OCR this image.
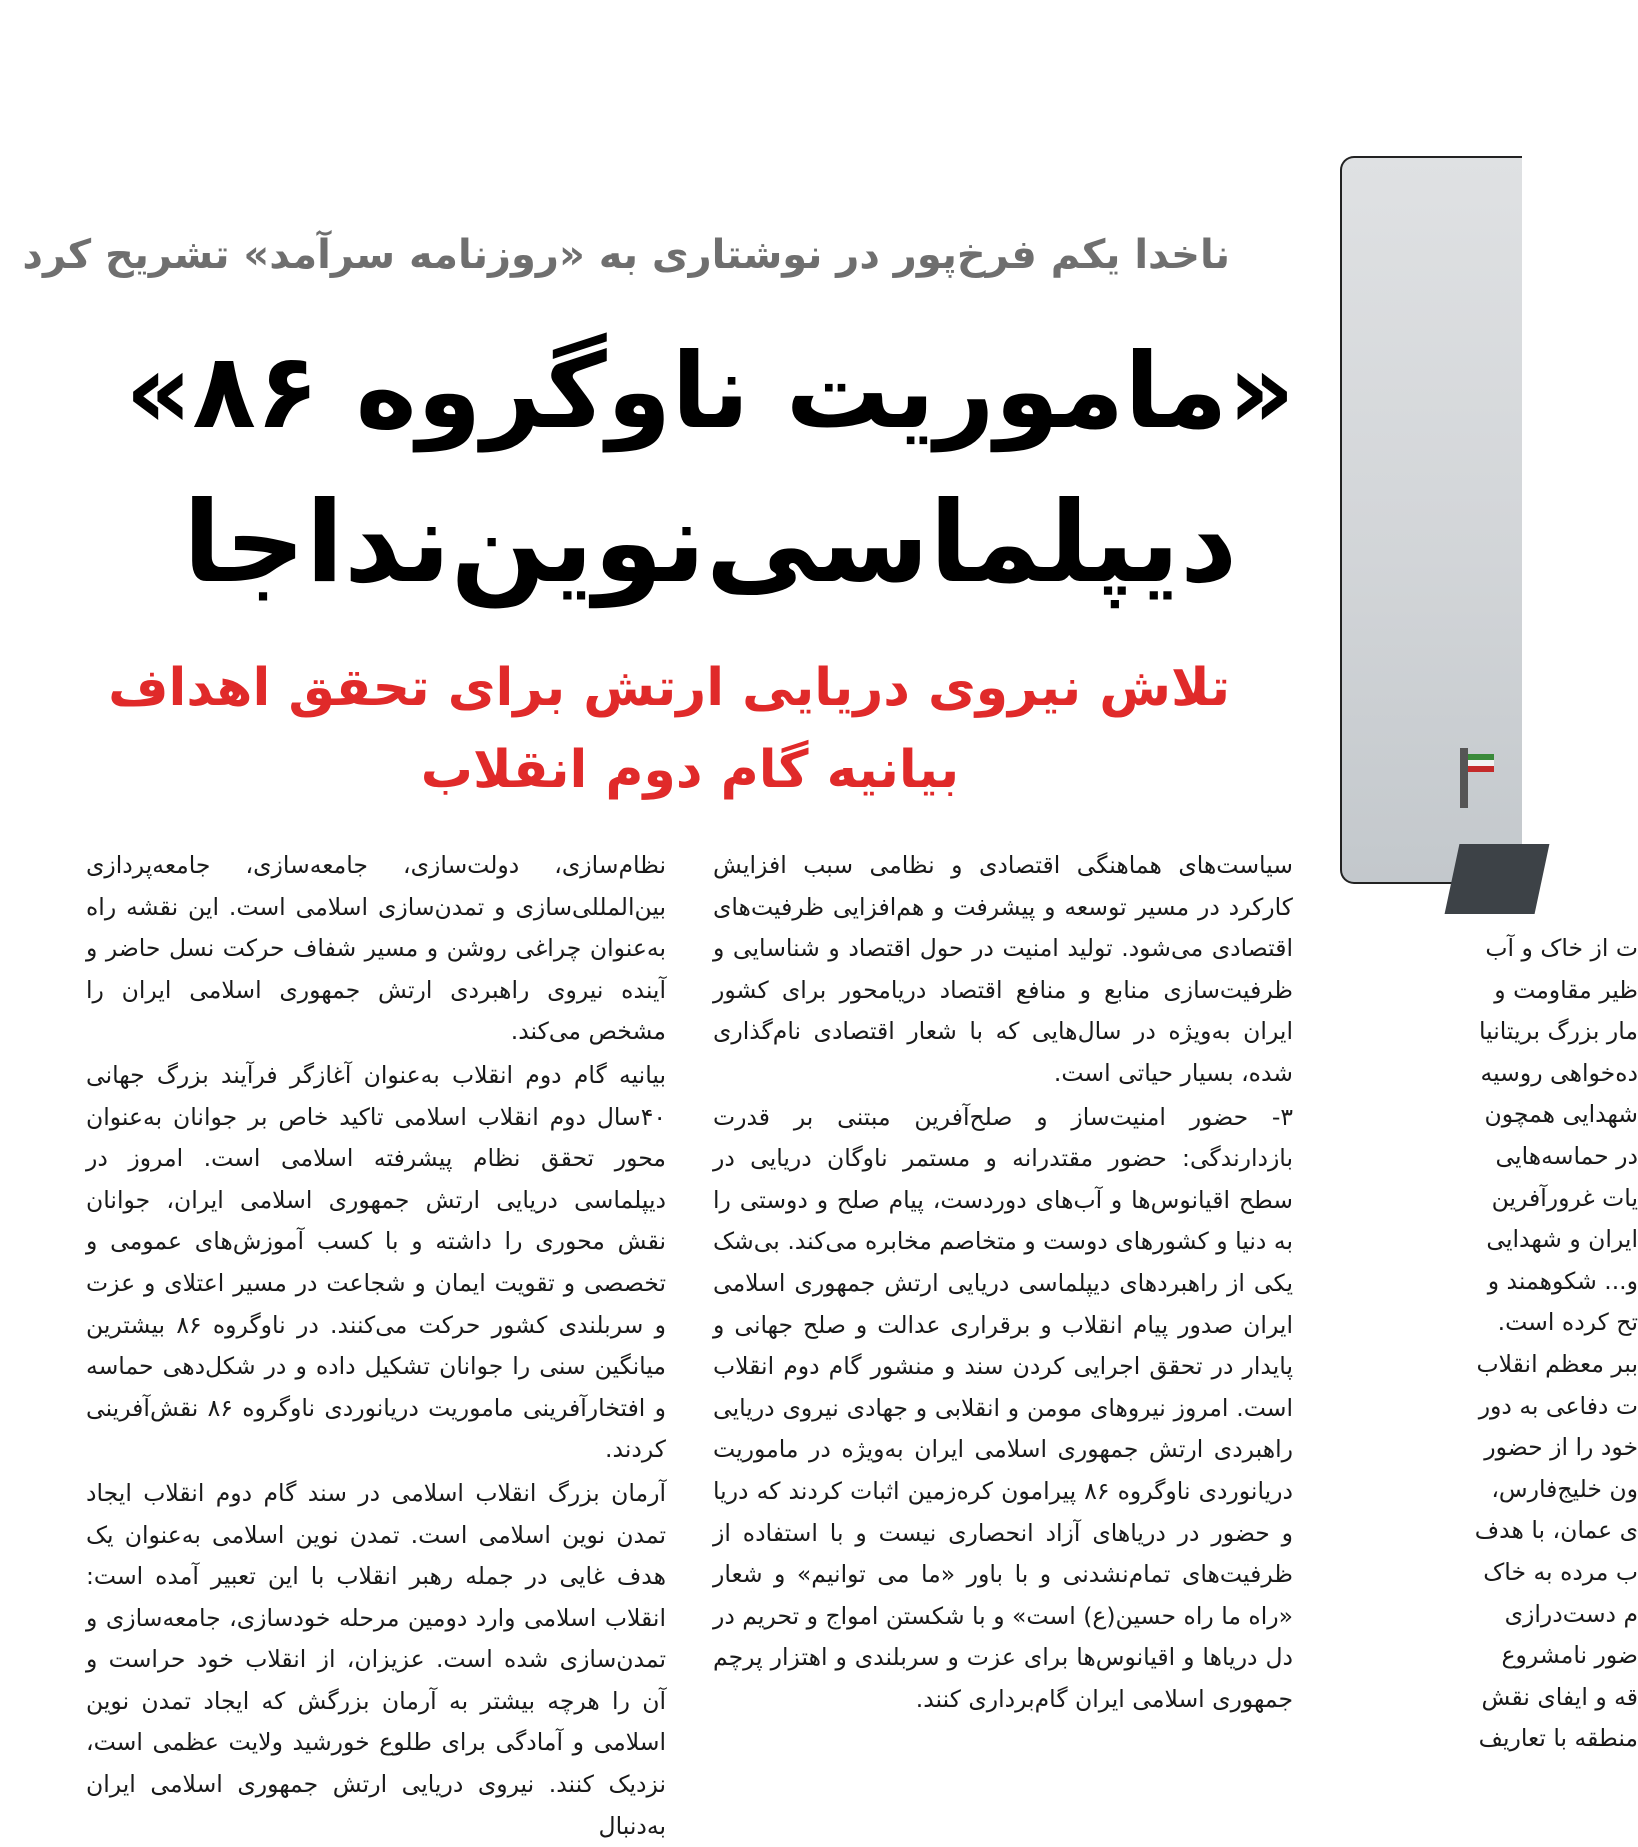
ناخدا یکم فرخ‌پور در نوشتاری به «روزنامه سرآمد» تشریح کرد
«ماموریت ناوگروه ۸۶»
دیپلماسی‌نوین‌نداجا
تلاش نیروی دریایی ارتش برای تحقق اهداف
بیانیه گام دوم انقلاب

سیاست‌های هماهنگی اقتصادی و نظامی سبب افزایش کارکرد در مسیر توسعه و پیشرفت و هم‌افزایی ظرفیت‌های اقتصادی می‌شود. تولید امنیت در حول اقتصاد و شناسایی و ظرفیت‌سازی منابع و منافع اقتصاد دریامحور برای کشور ایران به‌ویژه در سال‌هایی که با شعار اقتصادی نام‌گذاری شده، بسیار حیاتی است.

۳- حضور امنیت‌ساز و صلح‌آفرین مبتنی بر قدرت بازدارندگی: حضور مقتدرانه و مستمر ناوگان دریایی در سطح اقیانوس‌ها و آب‌های دوردست، پیام صلح و دوستی را به دنیا و کشورهای دوست و متخاصم مخابره می‌کند. بی‌شک یکی از راهبردهای دیپلماسی دریایی ارتش جمهوری اسلامی ایران صدور پیام انقلاب و برقراری عدالت و صلح جهانی و پایدار در تحقق اجرایی کردن سند و منشور گام دوم انقلاب است. امروز نیروهای مومن و انقلابی و جهادی نیروی دریایی راهبردی ارتش جمهوری اسلامی ایران به‌ویژه در ماموریت دریانوردی ناوگروه ۸۶ پیرامون کره‌زمین اثبات کردند که دریا و حضور در دریاهای آزاد انحصاری نیست و با استفاده از ظرفیت‌های تمام‌نشدنی و با باور «ما می توانیم» و شعار «راه ما راه حسین(ع) است» و با شکستن امواج و تحریم در دل دریاها و اقیانوس‌ها برای عزت و سربلندی و اهتزار پرچم جمهوری اسلامی ایران گام‌برداری کنند.

نظام‌سازی، دولت‌سازی، جامعه‌سازی، جامعه‌پردازی بین‌المللی‌سازی و تمدن‌سازی اسلامی است. این نقشه راه به‌عنوان چراغی روشن و مسیر شفاف حرکت نسل حاضر و آینده نیروی راهبردی ارتش جمهوری اسلامی ایران را مشخص می‌کند.

بیانیه گام دوم انقلاب به‌عنوان آغازگر فرآیند بزرگ جهانی ۴۰سال دوم انقلاب اسلامی تاکید خاص بر جوانان به‌عنوان محور تحقق نظام پیشرفته اسلامی است. امروز در دیپلماسی دریایی ارتش جمهوری اسلامی ایران، جوانان نقش محوری را داشته و با کسب آموزش‌های عمومی و تخصصی و تقویت ایمان و شجاعت در مسیر اعتلای و عزت و سربلندی کشور حرکت می‌کنند. در ناوگروه ۸۶ بیشترین میانگین سنی را جوانان تشکیل داده و در شکل‌دهی حماسه و افتخارآفرینی ماموریت دریانوردی ناوگروه ۸۶ نقش‌آفرینی کردند.

آرمان بزرگ انقلاب اسلامی در سند گام دوم انقلاب ایجاد تمدن نوین اسلامی است. تمدن نوین اسلامی به‌عنوان یک هدف غایی در جمله رهبر انقلاب با این تعبیر آمده است: انقلاب اسلامی وارد دومین مرحله خودسازی، جامعه‌سازی و تمدن‌سازی شده است. عزیزان، از انقلاب خود حراست و آن را هرچه بیشتر به آرمان بزرگش که ایجاد تمدن نوین اسلامی و آمادگی برای طلوع خورشید ولایت عظمی است، نزدیک کنند. نیروی دریایی ارتش جمهوری اسلامی ایران به‌دنبال

ت از خاک و آب
ظیر مقاومت و
مار بزرگ بریتانیا
ده‌خواهی روسیه
شهدایی همچون
در حماسه‌هایی
یات غرورآفرین
ایران و شهدایی
و... شکوهمند و
تح کرده است.
ببر معظم انقلاب
ت دفاعی به دور
خود را از حضور
ون خلیج‌فارس،
ی عمان، با هدف
ب مرده به خاک
م دست‌درازی
ضور نامشروع
قه و ایفای نقش
منطقه با تعاریف
